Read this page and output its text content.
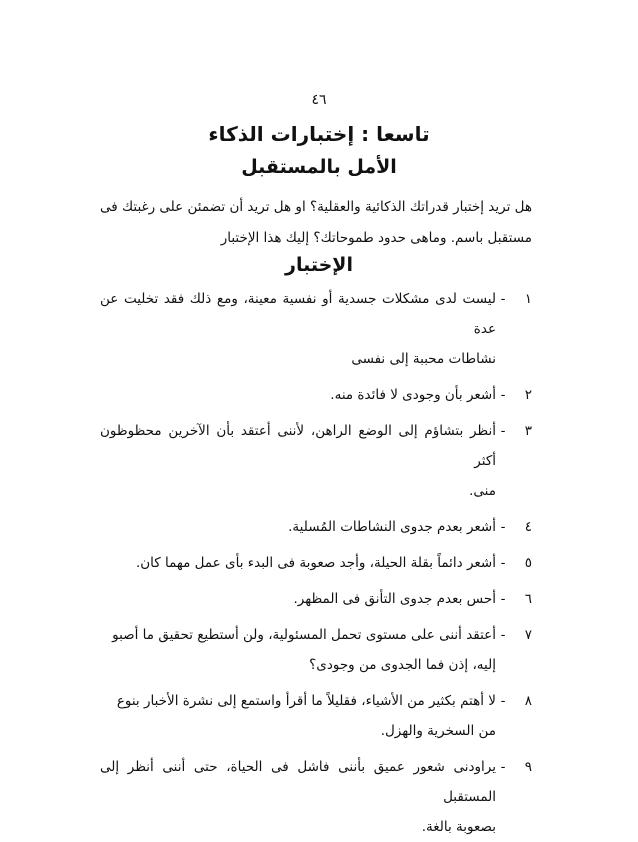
٤٦
تاسعا : إختبارات الذكاء
الأمل بالمستقبل
هل تريد إختبار قدراتك الذكائية والعقلية؟ او هل تريد أن تضمئن على رغبتك فى مستقبل باسم. وماهى حدود طموحاتك؟ إليك هذا الإختبار
الإختبار
١
-
ليست لدى مشكلات جسدية أو نفسية معينة، ومع ذلك فقد تخليت عن عدة
نشاطات محببة إلى نفسى
٢
-
أشعر بأن وجودى لا فائدة منه.
٣
-
أنظر بتشاؤم إلى الوضع الراهن، لأننى أعتقد بأن الآخرين محظوظون أكثر
منى.
٤
-
أشعر بعدم جدوى النشاطات المُسلية.
٥
-
أشعر دائماً بقلة الحيلة، وأجد صعوبة فى البدء بأى عمل مهما كان.
٦
-
أحس بعدم جدوى التأنق فى المظهر.
٧
-
أعتقد أننى على مستوى تحمل المسئولية، ولن أستطيع تحقيق ما أصبو
إليه، إذن فما الجدوى من وجودى؟
٨
-
لا أهتم بكثير من الأشياء، فقليلاً ما أقرأ واستمع إلى نشرة الأخبار بنوع
من السخرية والهزل.
٩
-
يراودنى شعور عميق بأننى فاشل فى الحياة، حتى أننى أنظر إلى المستقبل
بصعوبة بالغة.
